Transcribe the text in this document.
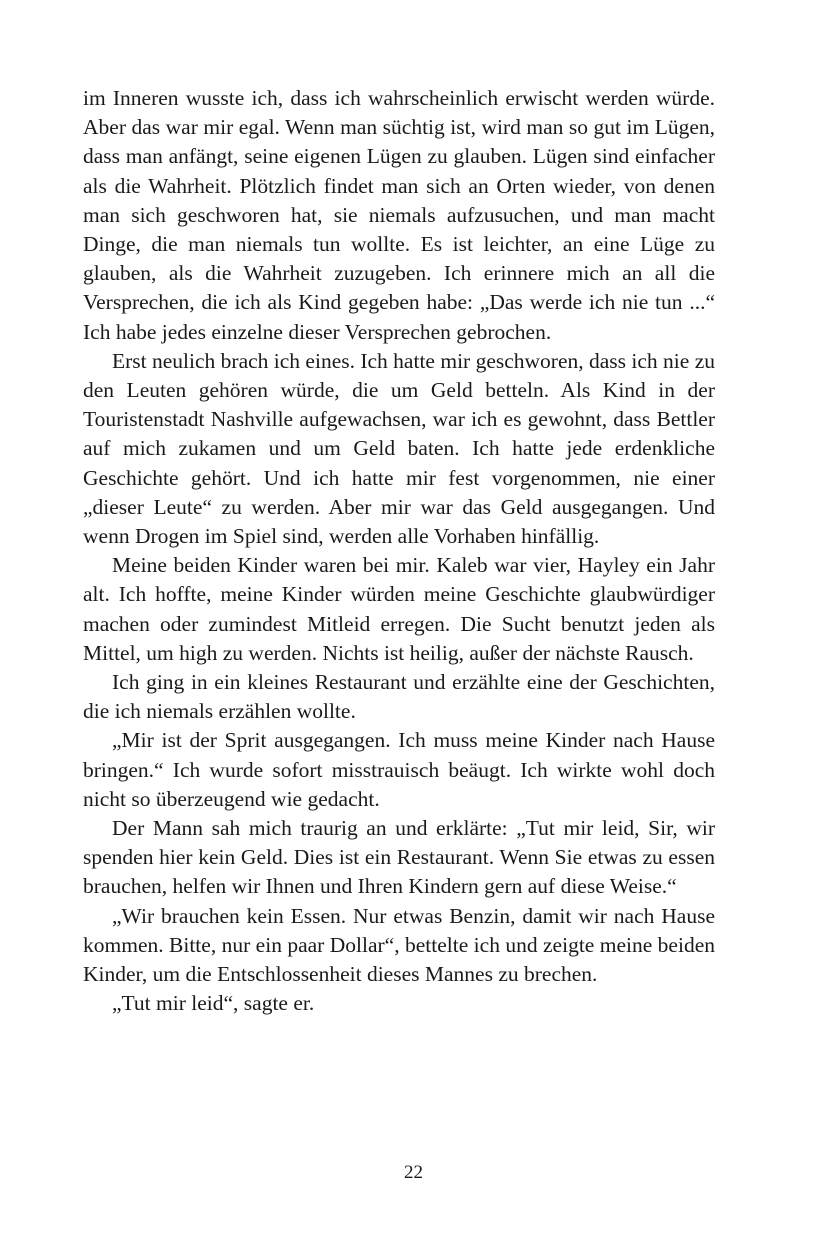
im Inneren wusste ich, dass ich wahrscheinlich erwischt werden würde. Aber das war mir egal. Wenn man süchtig ist, wird man so gut im Lügen, dass man anfängt, seine eigenen Lügen zu glauben. Lügen sind einfacher als die Wahrheit. Plötzlich findet man sich an Orten wieder, von denen man sich geschworen hat, sie niemals aufzusuchen, und man macht Dinge, die man niemals tun wollte. Es ist leichter, an eine Lüge zu glauben, als die Wahrheit zuzugeben. Ich erinnere mich an all die Versprechen, die ich als Kind gegeben habe: „Das werde ich nie tun ...“ Ich habe jedes einzelne dieser Versprechen gebrochen.

Erst neulich brach ich eines. Ich hatte mir geschworen, dass ich nie zu den Leuten gehören würde, die um Geld betteln. Als Kind in der Touristenstadt Nashville aufgewachsen, war ich es gewohnt, dass Bettler auf mich zukamen und um Geld baten. Ich hatte jede erdenkliche Geschichte gehört. Und ich hatte mir fest vorgenommen, nie einer „dieser Leute“ zu werden. Aber mir war das Geld ausgegangen. Und wenn Drogen im Spiel sind, werden alle Vorhaben hinfällig.

Meine beiden Kinder waren bei mir. Kaleb war vier, Hayley ein Jahr alt. Ich hoffte, meine Kinder würden meine Geschichte glaubwürdiger machen oder zumindest Mitleid erregen. Die Sucht benutzt jeden als Mittel, um high zu werden. Nichts ist heilig, außer der nächste Rausch.

Ich ging in ein kleines Restaurant und erzählte eine der Geschichten, die ich niemals erzählen wollte.

„Mir ist der Sprit ausgegangen. Ich muss meine Kinder nach Hause bringen.“ Ich wurde sofort misstrauisch beäugt. Ich wirkte wohl doch nicht so überzeugend wie gedacht.

Der Mann sah mich traurig an und erklärte: „Tut mir leid, Sir, wir spenden hier kein Geld. Dies ist ein Restaurant. Wenn Sie etwas zu essen brauchen, helfen wir Ihnen und Ihren Kindern gern auf diese Weise.“

„Wir brauchen kein Essen. Nur etwas Benzin, damit wir nach Hause kommen. Bitte, nur ein paar Dollar“, bettelte ich und zeigte meine beiden Kinder, um die Entschlossenheit dieses Mannes zu brechen.

„Tut mir leid“, sagte er.

22
